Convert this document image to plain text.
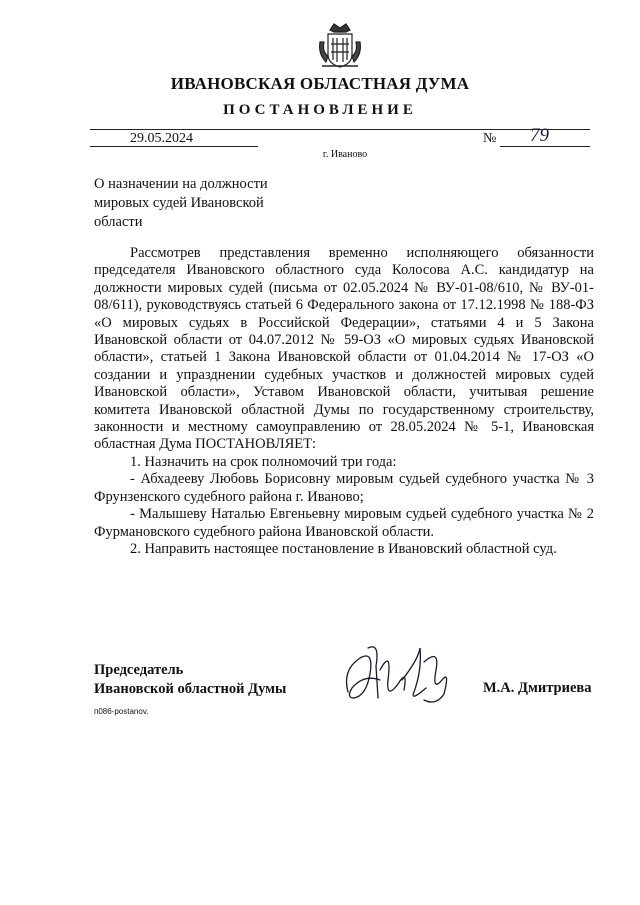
ИВАНОВСКАЯ ОБЛАСТНАЯ ДУМА
ПОСТАНОВЛЕНИЕ
29.05.2024	№ 79
г. Иваново
О назначении на должности
мировых судей Ивановской
области

Рассмотрев представления временно исполняющего обязанности председателя Ивановского областного суда Колосова А.С. кандидатур на должности мировых судей (письма от 02.05.2024 № ВУ-01-08/610, № ВУ-01-08/611), руководствуясь статьей 6 Федерального закона от 17.12.1998 № 188-ФЗ «О мировых судьях в Российской Федерации», статьями 4 и 5 Закона Ивановской области от 04.07.2012 № 59-ОЗ «О мировых судьях Ивановской области», статьей 1 Закона Ивановской области от 01.04.2014 № 17-ОЗ «О создании и упразднении судебных участков и должностей мировых судей Ивановской области», Уставом Ивановской области, учитывая решение комитета Ивановской областной Думы по государственному строительству, законности и местному самоуправлению от 28.05.2024 № 5-1, Ивановская областная Дума ПОСТАНОВЛЯЕТ:

1. Назначить на срок полномочий три года:

- Абхадееву Любовь Борисовну мировым судьей судебного участка № 3 Фрунзенского судебного района г. Иваново;

- Малышеву Наталью Евгеньевну мировым судьей судебного участка № 2 Фурмановского судебного района Ивановской области.

2. Направить настоящее постановление в Ивановский областной суд.

Председатель
Ивановской областной Думы	М.А. Дмитриева
п086-postanov.
